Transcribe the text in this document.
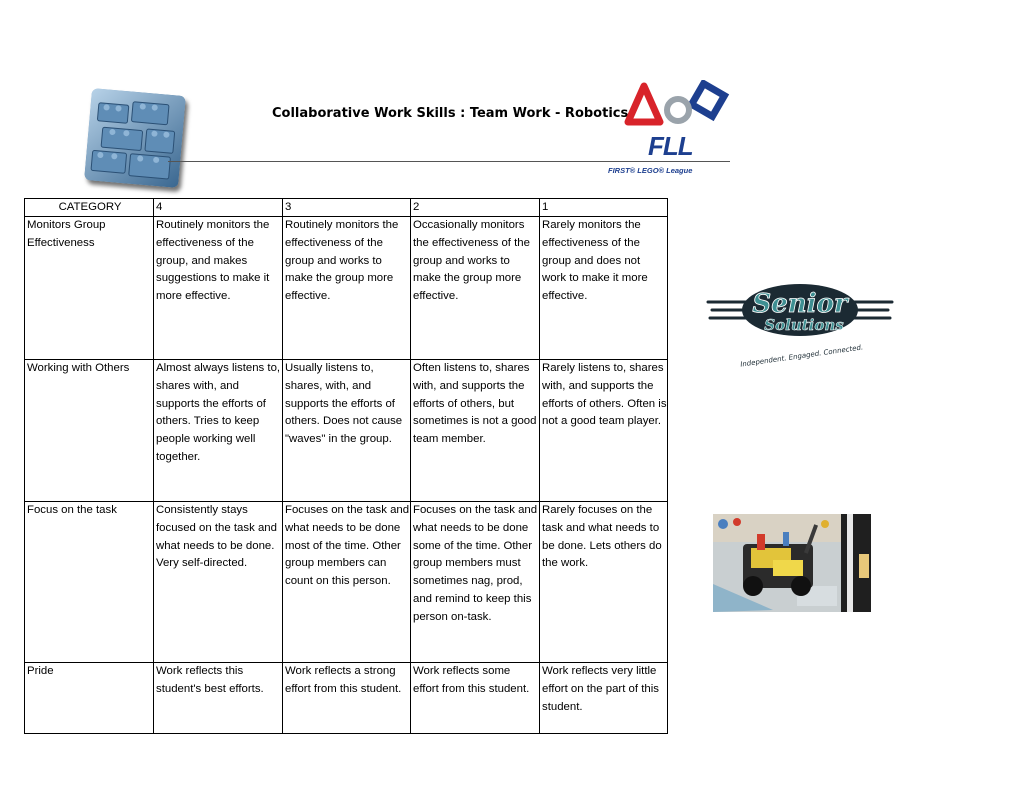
Collaborative Work Skills : Team Work - Robotics
FLL
FIRST® LEGO® League
CATEGORY	4	3	2	1
Monitors Group Effectiveness	Routinely monitors the effectiveness of the group, and makes suggestions to make it more effective.	Routinely monitors the effectiveness of the group and works to make the group more effective.	Occasionally monitors the effectiveness of the group and works to make the group more effective.	Rarely monitors the effectiveness of the group and does not work to make it more effective.
Working with Others	Almost always listens to, shares with, and supports the efforts of others. Tries to keep people working well together.	Usually listens to, shares, with, and supports the efforts of others. Does not cause "waves" in the group.	Often listens to, shares with, and supports the efforts of others, but sometimes is not a good team member.	Rarely listens to, shares with, and supports the efforts of others. Often is not a good team player.
Focus on the task	Consistently stays focused on the task and what needs to be done. Very self-directed.	Focuses on the task and what needs to be done most of the time. Other group members can count on this person.	Focuses on the task and what needs to be done some of the time. Other group members must sometimes nag, prod, and remind to keep this person on-task.	Rarely focuses on the task and what needs to be done. Lets others do the work.
Pride	Work reflects this student's best efforts.	Work reflects a strong effort from this student.	Work reflects some effort from this student.	Work reflects very little effort on the part of this student.
Senior
Solutions
Independent. Engaged. Connected.
